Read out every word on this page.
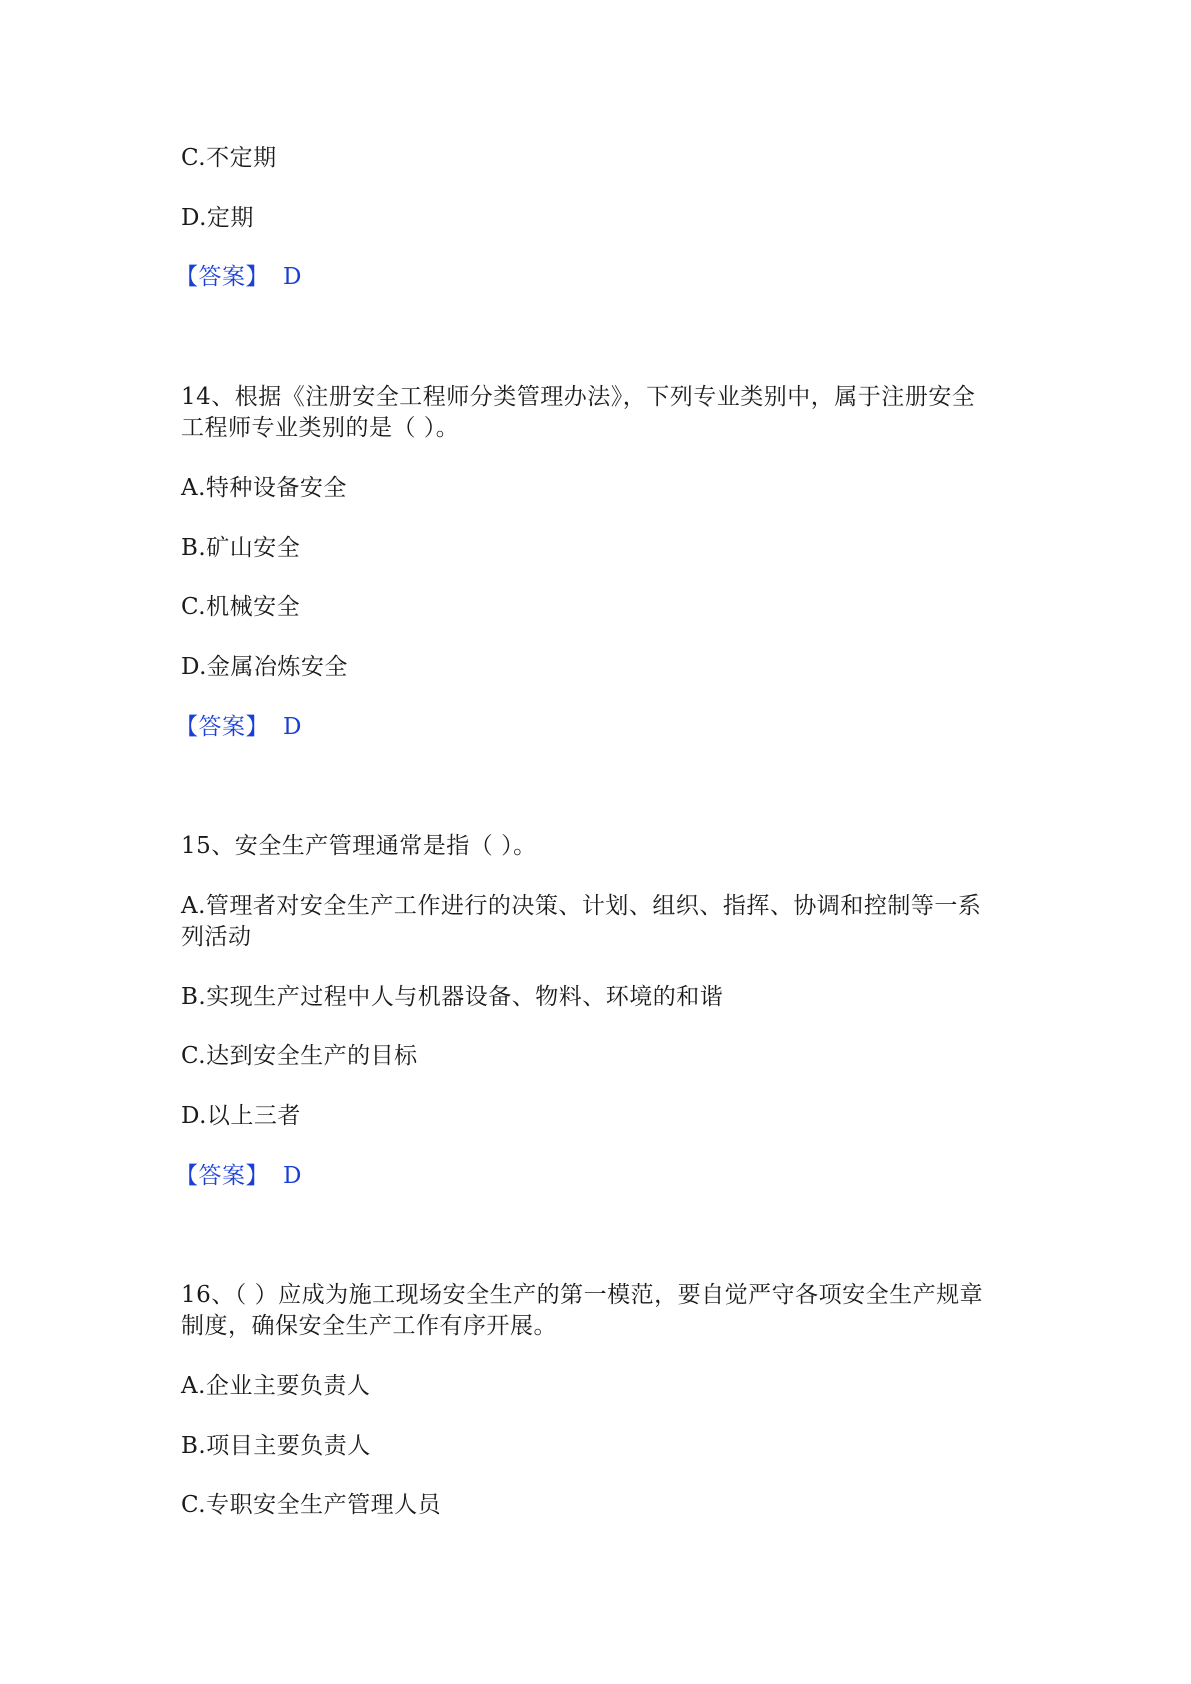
C.不定期
D.定期
【答案】 D
14、根据《注册安全工程师分类管理办法》，下列专业类别中，属于注册安全
工程师专业类别的是（ ）。
A.特种设备安全
B.矿山安全
C.机械安全
D.金属冶炼安全
【答案】 D
15、安全生产管理通常是指（ ）。
A.管理者对安全生产工作进行的决策、计划、组织、指挥、协调和控制等一系
列活动
B.实现生产过程中人与机器设备、物料、环境的和谐
C.达到安全生产的目标
D.以上三者
【答案】 D
16、（ ）应成为施工现场安全生产的第一模范，要自觉严守各项安全生产规章
制度，确保安全生产工作有序开展。
A.企业主要负责人
B.项目主要负责人
C.专职安全生产管理人员
